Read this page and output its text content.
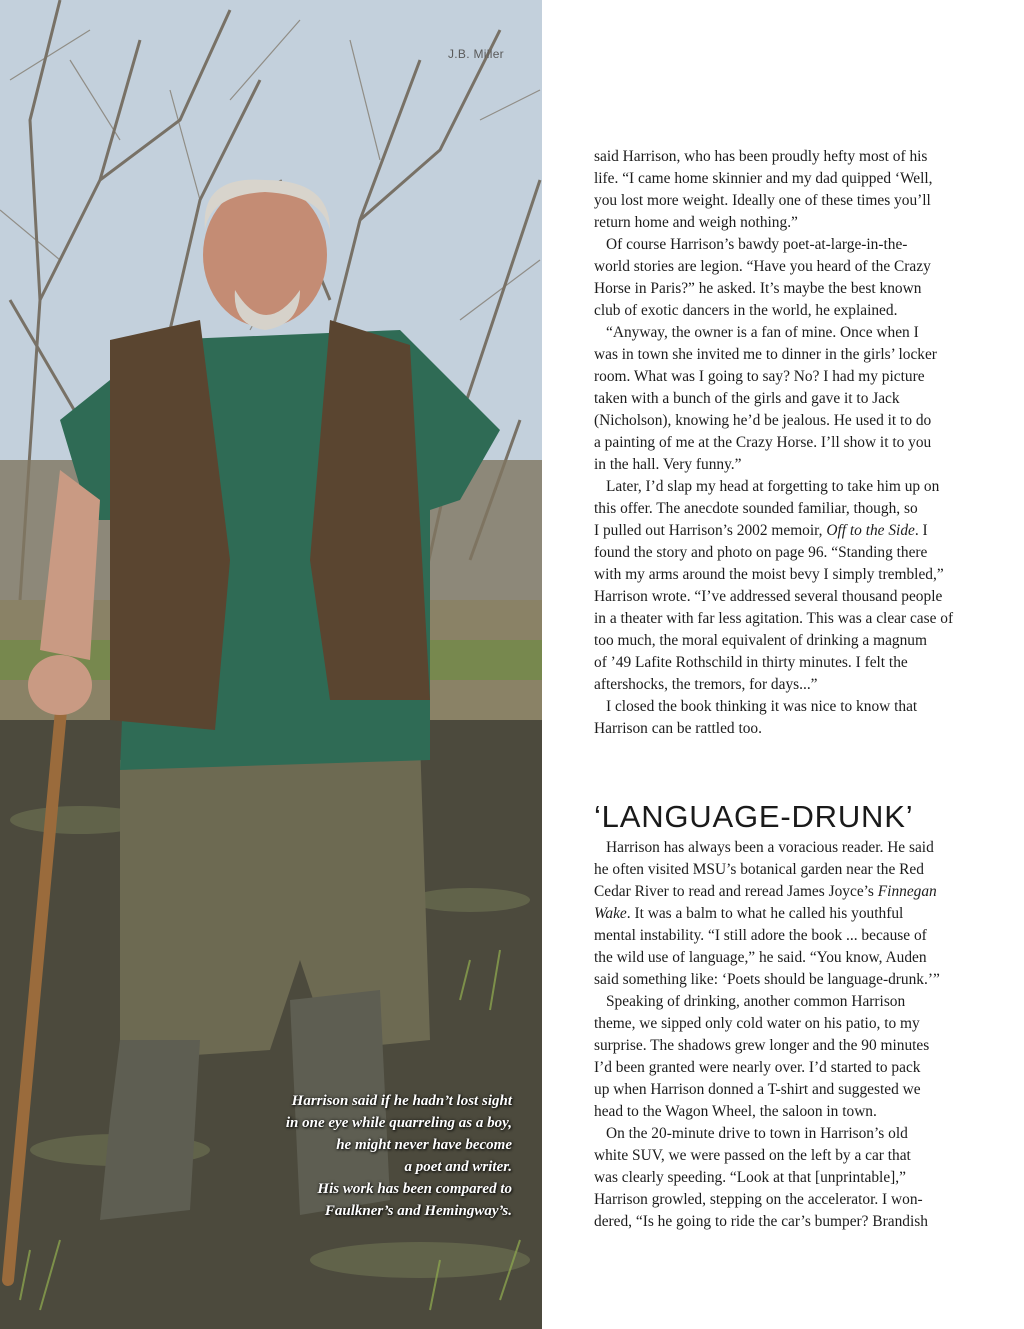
J.B. Miller
Harrison said if he hadn’t lost sight
in one eye while quarreling as a boy,
he might never have become
a poet and writer.
His work has been compared to
Faulkner’s and Hemingway’s.

said Harrison, who has been proudly hefty most of his
life. “I came home skinnier and my dad quipped ‘Well,
you lost more weight. Ideally one of these times you’ll
return home and weigh nothing.”

Of course Harrison’s bawdy poet-at-large-in-the-
world stories are legion. “Have you heard of the Crazy
Horse in Paris?” he asked. It’s maybe the best known
club of exotic dancers in the world, he explained.

“Anyway, the owner is a fan of mine. Once when I
was in town she invited me to dinner in the girls’ locker
room. What was I going to say? No? I had my picture
taken with a bunch of the girls and gave it to Jack
(Nicholson), knowing he’d be jealous. He used it to do
a painting of me at the Crazy Horse. I’ll show it to you
in the hall. Very funny.”

Later, I’d slap my head at forgetting to take him up on
this offer. The anecdote sounded familiar, though, so
I pulled out Harrison’s 2002 memoir, Off to the Side. I
found the story and photo on page 96. “Standing there
with my arms around the moist bevy I simply trembled,”
Harrison wrote. “I’ve addressed several thousand people
in a theater with far less agitation. This was a clear case of
too much, the moral equivalent of drinking a magnum
of ’49 Lafite Rothschild in thirty minutes. I felt the
aftershocks, the tremors, for days...”

I closed the book thinking it was nice to know that
Harrison can be rattled too.

‘LANGUAGE-DRUNK’

Harrison has always been a voracious reader. He said
he often visited MSU’s botanical garden near the Red
Cedar River to read and reread James Joyce’s Finnegan
Wake. It was a balm to what he called his youthful
mental instability. “I still adore the book ... because of
the wild use of language,” he said. “You know, Auden
said something like: ‘Poets should be language-drunk.’”

Speaking of drinking, another common Harrison
theme, we sipped only cold water on his patio, to my
surprise. The shadows grew longer and the 90 minutes
I’d been granted were nearly over. I’d started to pack
up when Harrison donned a T-shirt and suggested we
head to the Wagon Wheel, the saloon in town.

On the 20-minute drive to town in Harrison’s old
white SUV, we were passed on the left by a car that
was clearly speeding. “Look at that [unprintable],”
Harrison growled, stepping on the accelerator. I won-
dered, “Is he going to ride the car’s bumper? Brandish
